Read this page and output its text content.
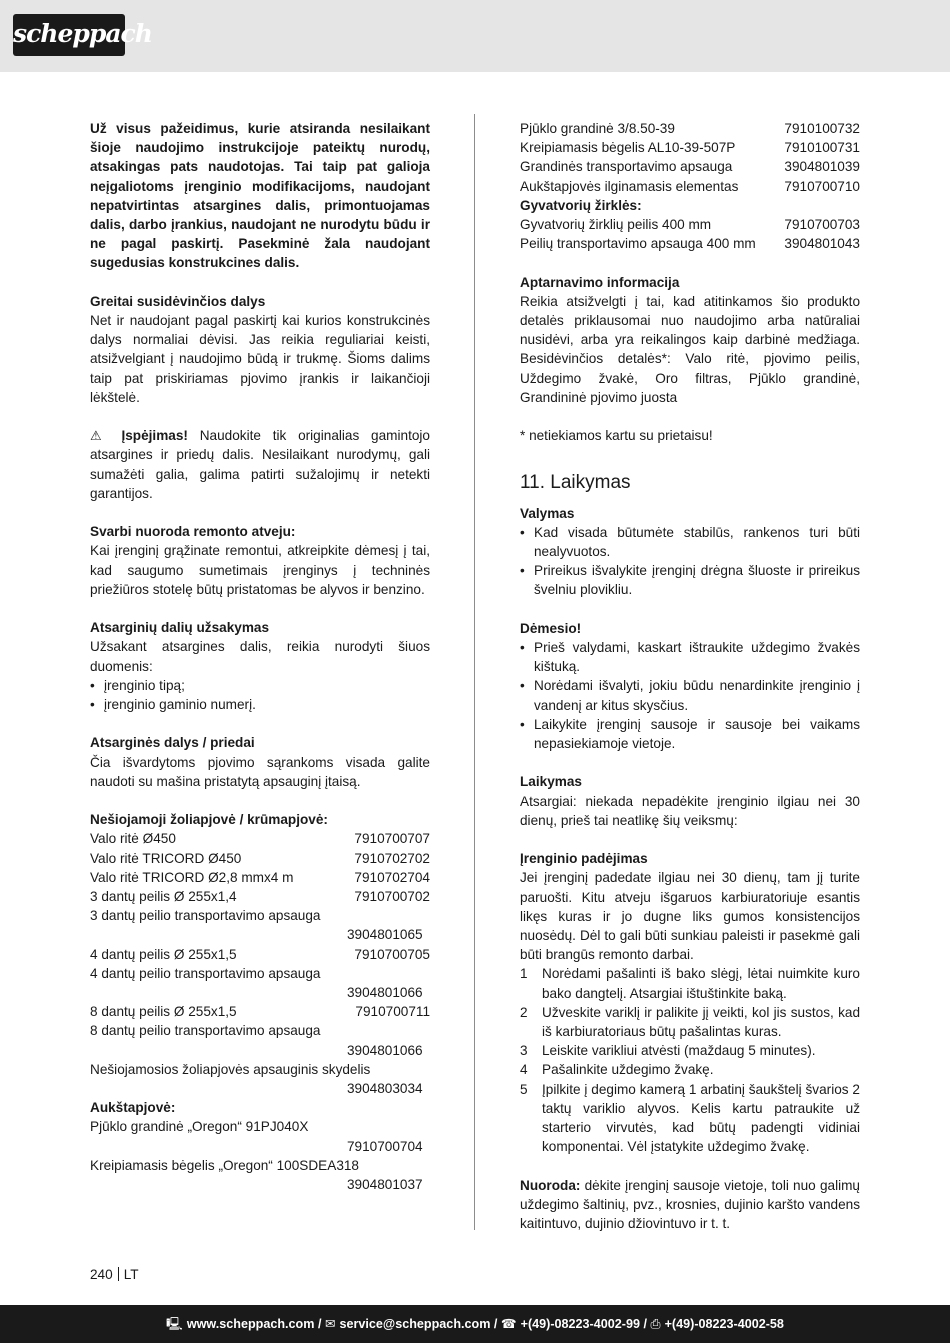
scheppach

Už visus pažeidimus, kurie atsiranda nesilaikant šioje naudojimo instrukcijoje pateiktų nurodų, atsakingas pats naudotojas. Tai taip pat galioja neįgaliotoms įrenginio modifikacijoms, naudojant nepatvirtintas atsargines dalis, primontuojamas dalis, darbo įrankius, naudojant ne nurodytu būdu ir ne pagal paskirtį. Pasekminė žala naudojant sugedusias konstrukcines dalis.

Greitai susidėvinčios dalys

Net ir naudojant pagal paskirtį kai kurios konstrukcinės dalys normaliai dėvisi. Jas reikia reguliariai keisti, atsižvelgiant į naudojimo būdą ir trukmę. Šioms dalims taip pat priskiriamas pjovimo įrankis ir laikančioji lėkštelė.

⚠ Įspėjimas! Naudokite tik originalias gamintojo atsargines ir priedų dalis. Nesilaikant nurodymų, gali sumažėti galia, galima patirti sužalojimų ir netekti garantijos.

Svarbi nuoroda remonto atveju:

Kai įrenginį grąžinate remontui, atkreipkite dėmesį į tai, kad saugumo sumetimais įrenginys į techninės priežiūros stotelę būtų pristatomas be alyvos ir benzino.

Atsarginių dalių užsakymas

Užsakant atsargines dalis, reikia nurodyti šiuos duomenis:

• įrenginio tipą;
• įrenginio gaminio numerį.

Atsarginės dalys / priedai

Čia išvardytoms pjovimo sąrankoms visada galite naudoti su mašina pristatytą apsauginį įtaisą.

Nešiojamoji žoliapjovė / krūmapjovė:

Valo ritė Ø450	7910700707
Valo ritė TRICORD Ø450	7910702702
Valo ritė TRICORD Ø2,8 mmx4 m	7910702704
3 dantų peilis Ø 255x1,4	7910700702
3 dantų peilio transportavimo apsauga
3904801065
4 dantų peilis Ø 255x1,5	7910700705
4 dantų peilio transportavimo apsauga
3904801066
8 dantų peilis Ø 255x1,5	7910700711
8 dantų peilio transportavimo apsauga
3904801066
Nešiojamosios žoliapjovės apsauginis skydelis
3904803034

Aukštapjovė:

Pjūklo grandinė „Oregon“ 91PJ040X
7910700704
Kreipiamasis bėgelis „Oregon“ 100SDEA318
3904801037
Pjūklo grandinė 3/8.50-39	7910100732
Kreipiamasis bėgelis AL10-39-507P	7910100731
Grandinės transportavimo apsauga	3904801039
Aukštapjovės ilginamasis elementas	7910700710

Gyvatvorių žirklės:

Gyvatvorių žirklių peilis 400 mm	7910700703
Peilių transportavimo apsauga 400 mm 3904801043

Aptarnavimo informacija

Reikia atsižvelgti į tai, kad atitinkamos šio produkto detalės priklausomai nuo naudojimo arba natūraliai nusidėvi, arba yra reikalingos kaip darbinė medžiaga. Besidėvinčios detalės*: Valo ritė, pjovimo peilis, Uždegimo žvakė, Oro filtras, Pjūklo grandinė, Grandininė pjovimo juosta

* netiekiamos kartu su prietaisu!

11. Laikymas

Valymas

• Kad visada būtumėte stabilūs, rankenos turi būti nealyvuotos.
• Prireikus išvalykite įrenginį drėgna šluoste ir prireikus švelniu plovikliu.

Dėmesio!

• Prieš valydami, kaskart ištraukite uždegimo žvakės kištuką.
• Norėdami išvalyti, jokiu būdu nenardinkite įrenginio į vandenį ar kitus skysčius.
• Laikykite įrenginį sausoje ir sausoje bei vaikams nepasiekiamoje vietoje.

Laikymas

Atsargiai: niekada nepadėkite įrenginio ilgiau nei 30 dienų, prieš tai neatlikę šių veiksmų:

Įrenginio padėjimas

Jei įrenginį padedate ilgiau nei 30 dienų, tam jį turite paruošti. Kitu atveju išgaruos karbiuratoriuje esantis likęs kuras ir jo dugne liks gumos konsistencijos nuosėdų. Dėl to gali būti sunkiau paleisti ir pasekmė gali būti brangūs remonto darbai.

1	Norėdami pašalinti iš bako slėgį, lėtai nuimkite kuro bako dangtelį. Atsargiai ištuštinkite baką.
2	Užveskite variklį ir palikite jį veikti, kol jis sustos, kad iš karbiuratoriaus būtų pašalintas kuras.
3	Leiskite varikliui atvėsti (maždaug 5 minutes).
4	Pašalinkite uždegimo žvakę.
5	Įpilkite į degimo kamerą 1 arbatinį šaukštelį švarios 2 taktų variklio alyvos. Kelis kartu patraukite už starterio virvutės, kad būtų padengti vidiniai komponentai. Vėl įstatykite uždegimo žvakę.

Nuoroda: dėkite įrenginį sausoje vietoje, toli nuo galimų uždegimo šaltinių, pvz., krosnies, dujinio karšto vandens kaitintuvo, dujinio džiovintuvo ir t. t.

240 LT
🖳 www.scheppach.com / ✉ service@scheppach.com / ☎ +(49)-08223-4002-99 / ⎙ +(49)-08223-4002-58
